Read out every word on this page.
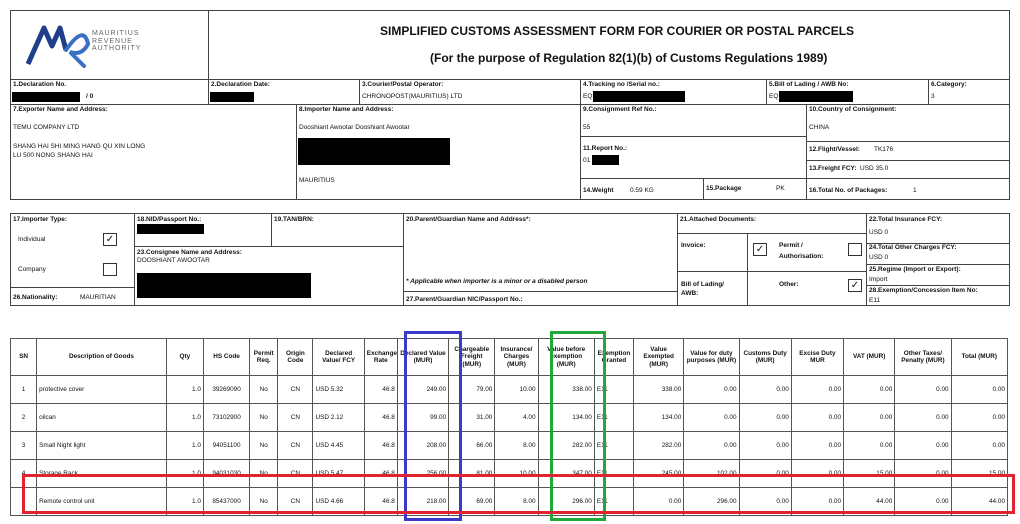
MAURITIUS
REVENUE
AUTHORITY
SIMPLIFIED CUSTOMS ASSESSMENT FORM FOR COURIER OR POSTAL PARCELS
(For the purpose of Regulation 82(1)(b) of Customs Regulations 1989)
1.Declaration No.
/ 0
2.Declaration Date:	3.Courier/Postal Operator:
CHRONOPOST(MAURITIUS) LTD
4.Tracking no /Serial no.:
EQ
5.Bill of Lading / AWB No:
EQ
6.Category:
3
7.Exporter Name and Address:
TEMU COMPANY LTD
SHANG HAI SHI MING HANG QU XIN LONG
LU 500 NONG SHANG HAI
8.Importer Name and Address:
Dooshiant Awootar Dooshiant Awootar
MAURITIUS
9.Consignment Ref No.:
55
11.Report No.:
01
14.Weight	0.59 KG	15.Package	PK
10.Country of Consignment:
CHINA
12.Flight/Vessel: TK176
13.Freight FCY: USD 35.0
16.Total No. of Packages:	1
17.Importer Type:
Individual	✓
Company
26.Nationality:	MAURITIAN
18.NID/Passport No.:	19.TAN/BRN:
23.Consignee Name and Address:
DOOSHIANT AWOOTAR
20.Parent/Guardian Name and Address*:
* Applicable when importer is a minor or a disabled person
27.Parent/Guardian NIC/Passport No.:
21.Attached Documents:
Invoice:	✓	Permit /
Authorisation:
Bill of Lading/
AWB:
Other:	✓
22.Total Insurance FCY:
USD 0
24.Total Other Charges FCY:
USD 0
25.Regime (Import or Export):
Import
28.Exemption/Concession Item No:
E11
SN	Description of Goods	Qty	HS Code	Permit Req.	Origin Code	Declared Value/ FCY	Exchange Rate	Declared Value (MUR)	Chargeable Freight (MUR)	Insurance/ Charges (MUR)	Value before exemption (MUR)	Exemption Granted	Value Exempted (MUR)	Value for duty purposes (MUR)	Customs Duty (MUR)	Excise Duty MUR	VAT (MUR)	Other Taxes/ Penalty (MUR)	Total (MUR)
1	protective cover	1.0	39269090	No	CN	USD 5.32	46.8	249.00	79.00	10.00	338.00	E11	338.00	0.00	0.00	0.00	0.00	0.00	0.00
2	oilcan	1.0	73102900	No	CN	USD 2.12	46.8	99.00	31.00	4.00	134.00	E11	134.00	0.00	0.00	0.00	0.00	0.00	0.00
3	Small Night light	1.0	94051100	No	CN	USD 4.45	46.8	208.00	66.00	8.00	282.00	E11	282.00	0.00	0.00	0.00	0.00	0.00	0.00
4	Storage Rack	1.0	94031030	No	CN	USD 5.47	46.8	256.00	81.00	10.00	347.00	E11	245.00	102.00	0.00	0.00	15.00	0.00	15.00
5	Remote control unit	1.0	85437000	No	CN	USD 4.66	46.8	218.00	69.00	8.00	296.00	E11	0.00	296.00	0.00	0.00	44.00	0.00	44.00
